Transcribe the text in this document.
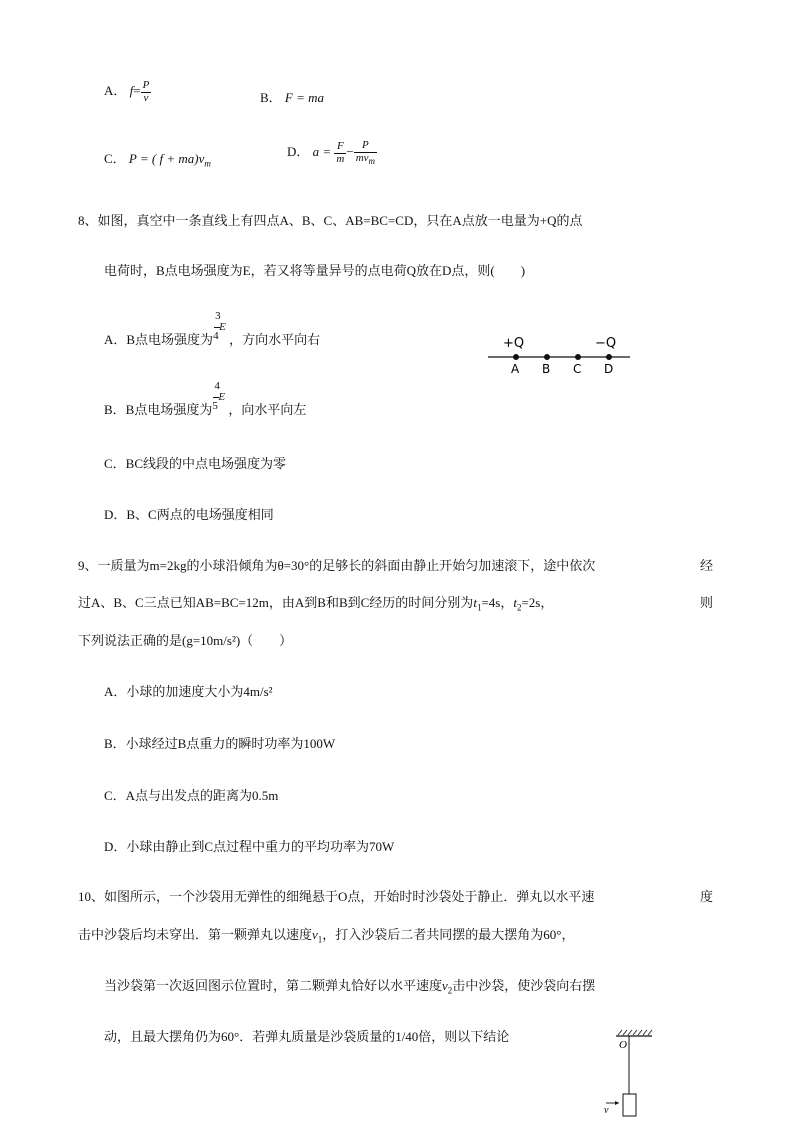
A． $f= \frac{P}{v}$	B． F = ma
C． P = ( $f + ma)v_m$
D． $a = \frac{F}{m} - \frac{P}{mv_m}$
8、如图，真空中一条直线上有四点A、B、C、AB=BC=CD，只在A点放一电量为+Q的点
电荷时，B点电场强度为E，若又将等量异号的点电荷Q放在D点，则(　　)
A．B点电场强度为
3
E
4 ，方向水平向右
B．B点电场强度为
4
E
5 ，向水平向左
C．BC线段的中点电场强度为零
D．B、C两点的电场强度相同
+Q	−Q
A B C D
9、一质量为m=2kg的小球沿倾角为θ=30°的足够长的斜面由静止开始匀加速滚下，途中依次	经
过A、B、C三点已知AB=BC=12m，由A到B和B到C经历的时间分别为$t_1=4s$，$t_2=2s$，	则
下列说法正确的是(g=10m/s²)（　　）
A．小球的加速度大小为4m/s²
B．小球经过B点重力的瞬时功率为100W
C．A点与出发点的距离为0.5m
D．小球由静止到C点过程中重力的平均功率为70W
10、如图所示，一个沙袋用无弹性的细绳悬于O点，开始时时沙袋处于静止．弹丸以水平速	度
击中沙袋后均未穿出．第一颗弹丸以速度$v_1$，打入沙袋后二者共同摆的最大摆角为60°，
当沙袋第一次返回图示位置时，第二颗弹丸恰好以水平速度$v_2$击中沙袋，使沙袋向右摆
动，且最大摆角仍为60°．若弹丸质量是沙袋质量的1/40倍，则以下结论
O
v
